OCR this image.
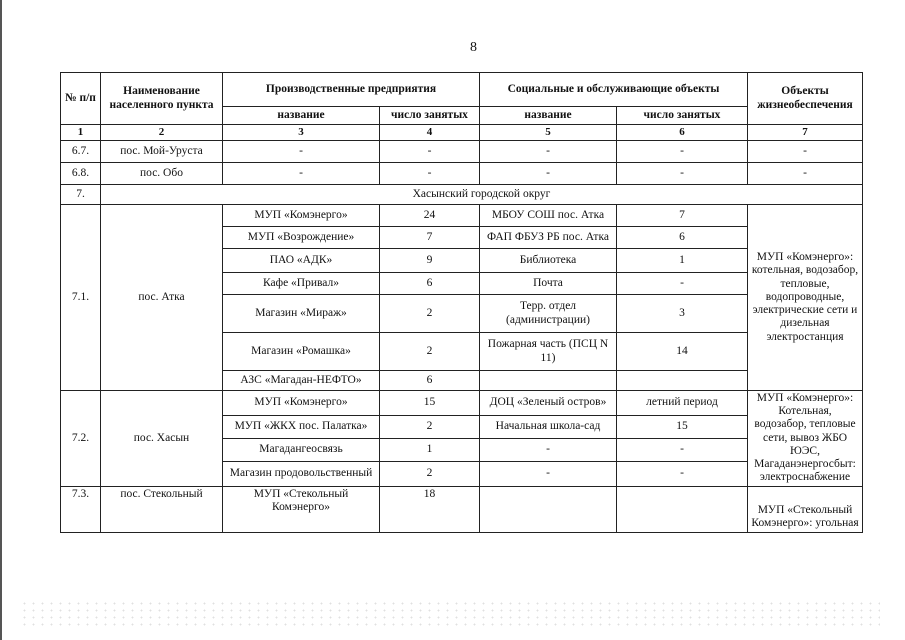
8
№ п/п	Наименование населенного пункта	Производственные предприятия		Социальные и обслуживающие объекты		Объекты жизнеобеспечения
		название	число занятых	название	число занятых	
1	2	3	4	5	6	7
6.7.	пос. Мой-Уруста	-	-	-	-	-
6.8.	пос. Обо	-	-	-	-	-
7.	Хасынский городской округ					
7.1.	пос. Атка	МУП «Комэнерго»	24	МБОУ СОШ пос. Атка	7	МУП «Комэнерго»: котельная, водозабор, тепловые, водопроводные, электрические сети и дизельная электростанция
		МУП «Возрождение»	7	ФАП ФБУЗ РБ пос. Атка	6	
		ПАО «АДК»	9	Библиотека	1	
		Кафе «Привал»	6	Почта	-	
		Магазин «Мираж»	2	Терр. отдел (администрации)	3	
		Магазин «Ромашка»	2	Пожарная часть (ПСЦ N 11)	14	
		АЗС «Магадан-НЕФТО»	6			
7.2.	пос. Хасын	МУП «Комэнерго»	15	ДОЦ «Зеленый остров»	летний период	МУП «Комэнерго»: Котельная, водозабор, тепловые сети, вывоз ЖБО ЮЭС, Магаданэнергосбыт: электроснабжение
		МУП «ЖКХ пос. Палатка»	2	Начальная школа-сад	15	
		Магадангеосвязь	1	-	-	
		Магазин продовольственный	2	-	-	
7.3.	пос. Стекольный	МУП «Стекольный Комэнерго»	18			МУП «Стекольный Комэнерго»: угольная
